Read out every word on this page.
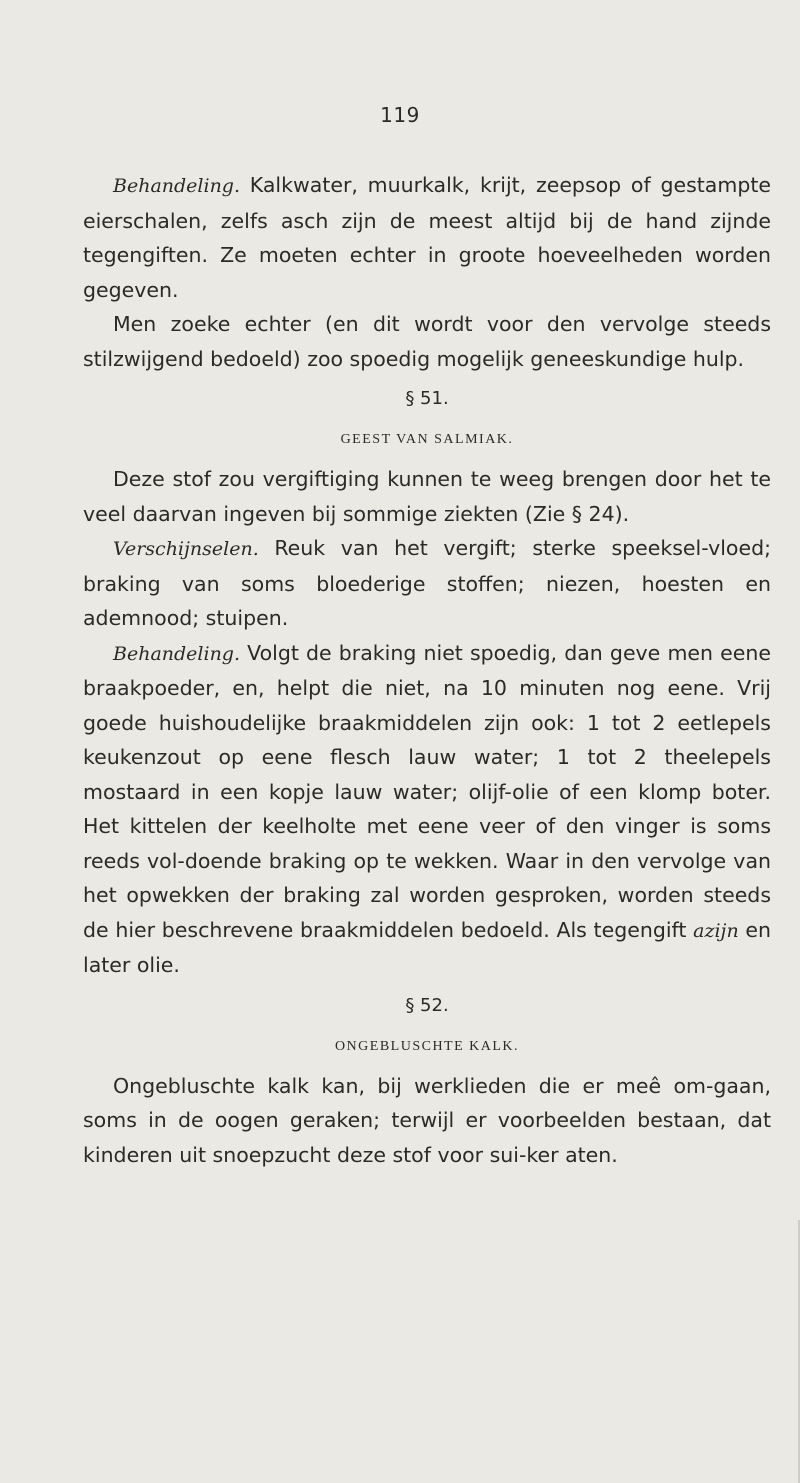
119

Behandeling. Kalkwater, muurkalk, krijt, zeepsop of gestampte eierschalen, zelfs asch zijn de meest altijd bij de hand zijnde tegengiften. Ze moeten echter in groote hoeveelheden worden gegeven.

Men zoeke echter (en dit wordt voor den vervolge steeds stilzwijgend bedoeld) zoo spoedig mogelijk geneeskundige hulp.

§ 51.
GEEST VAN SALMIAK.

Deze stof zou vergiftiging kunnen te weeg brengen door het te veel daarvan ingeven bij sommige ziekten (Zie § 24).

Verschijnselen. Reuk van het vergift; sterke speeksel-vloed; braking van soms bloederige stoffen; niezen, hoesten en ademnood; stuipen.

Behandeling. Volgt de braking niet spoedig, dan geve men eene braakpoeder, en, helpt die niet, na 10 minuten nog eene. Vrij goede huishoudelijke braakmiddelen zijn ook: 1 tot 2 eetlepels keukenzout op eene flesch lauw water; 1 tot 2 theelepels mostaard in een kopje lauw water; olijf-olie of een klomp boter. Het kittelen der keelholte met eene veer of den vinger is soms reeds vol-doende braking op te wekken. Waar in den vervolge van het opwekken der braking zal worden gesproken, worden steeds de hier beschrevene braakmiddelen bedoeld. Als tegengift azijn en later olie.

§ 52.
ONGEBLUSCHTE KALK.

Ongebluschte kalk kan, bij werklieden die er meê om-gaan, soms in de oogen geraken; terwijl er voorbeelden bestaan, dat kinderen uit snoepzucht deze stof voor sui-ker aten.
